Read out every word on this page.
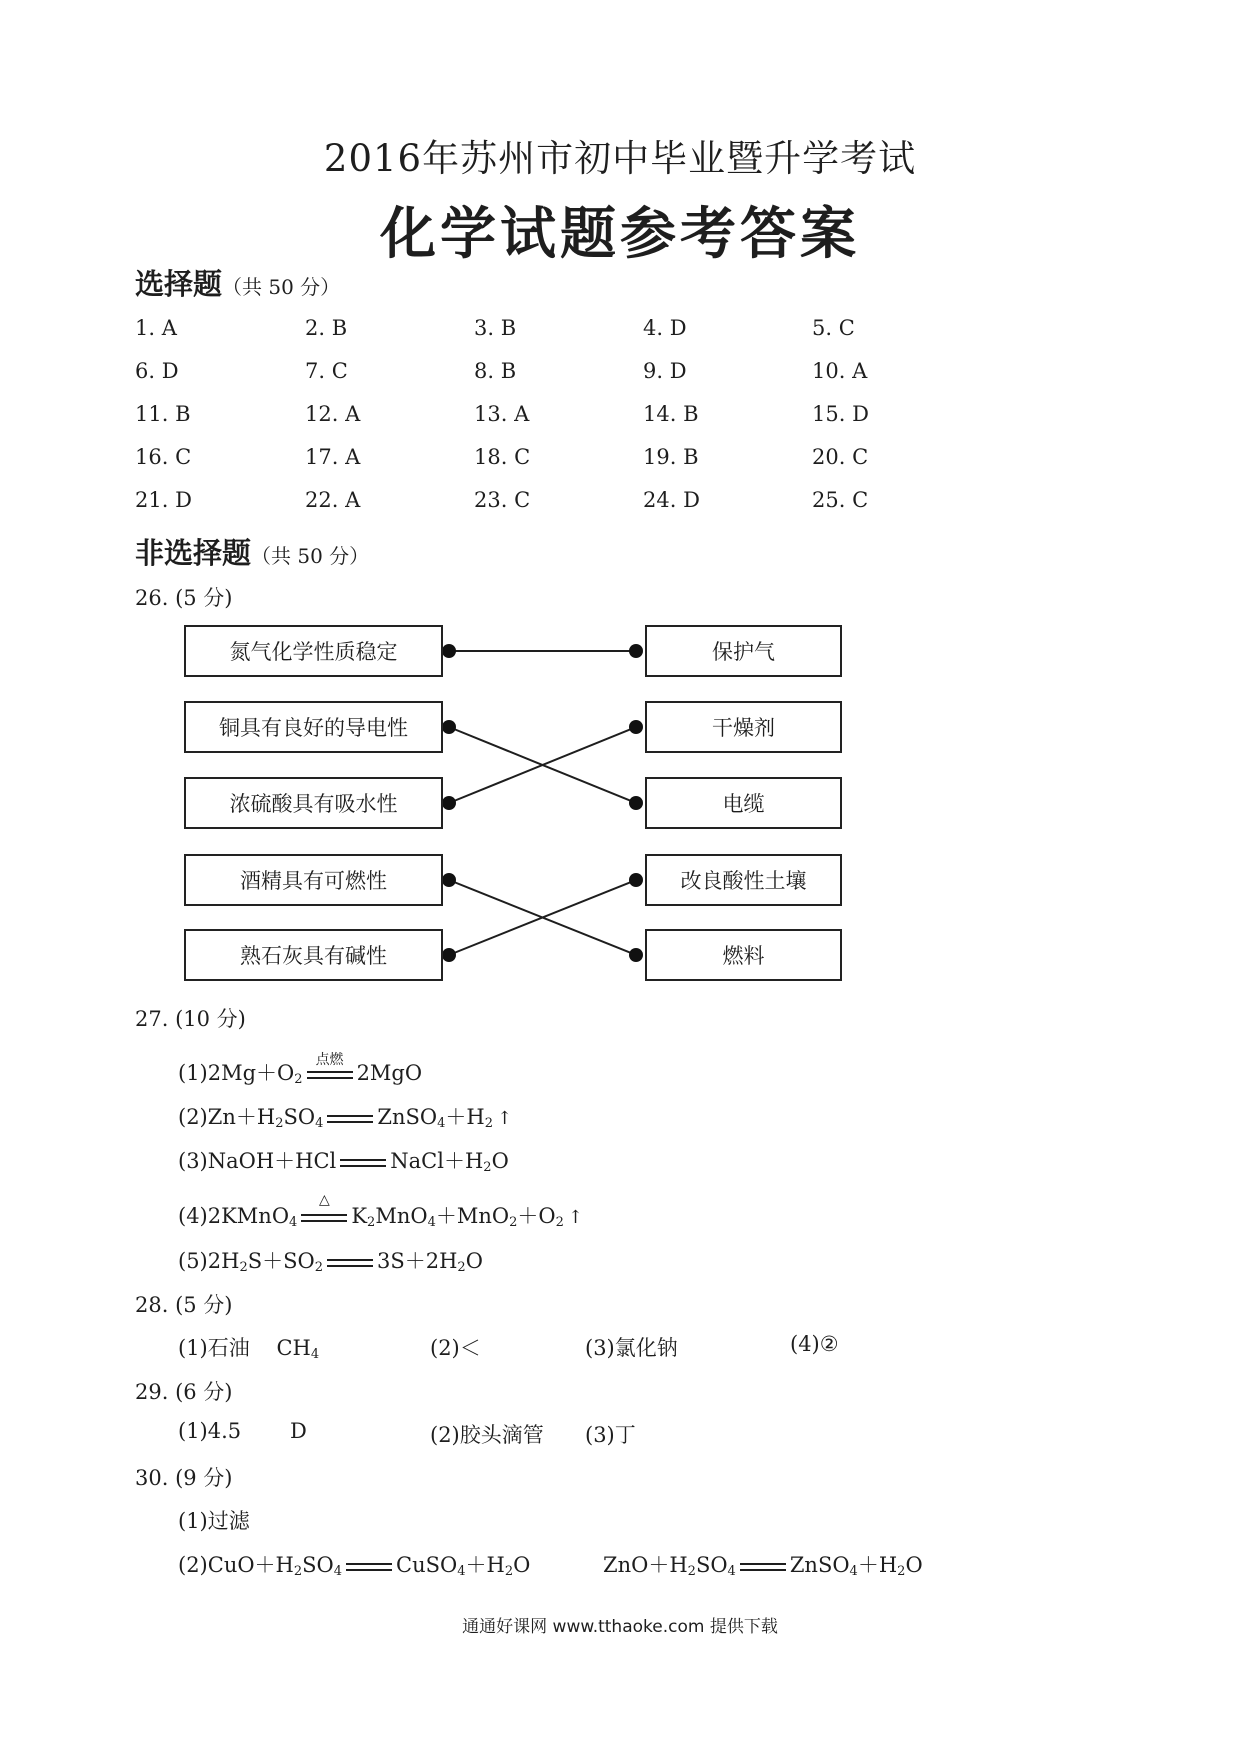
2016年苏州市初中毕业暨升学考试
化学试题参考答案
选择题（共 50 分）
1. A	2. B	3. B	4. D	5. C
6. D	7. C	8. B	9. D	10. A
11. B	12. A	13. A	14. B	15. D
16. C	17. A	18. C	19. B	20. C
21. D	22. A	23. C	24. D	25. C
非选择题（共 50 分）
26. (5 分)
氮气化学性质稳定
铜具有良好的导电性
浓硫酸具有吸水性
酒精具有可燃性
熟石灰具有碱性
保护气
干燥剂
电缆
改良酸性土壤
燃料
27. (10 分)
$(1)2Mg+O_2$
点燃
2MgO
$(2)Zn+H_2SO_4$	$ZnSO_4+H_2$ ↑
(3)NaOH＋HCl	$NaCl+H_2O$
(4)2KMnO$_4$
△
$K_2MnO_4+MnO_2+O_2$ ↑
$(5)2H_2S+SO_2$	$3S+2H_2O$
28. (5 分)
(1)石油 $CH_4$	(2)＜	(3)氯化钠	(4)②
29. (6 分)
(1)4.5 D	(2)胶头滴管 (3)丁
30. (9 分)
(1)过滤
$(2)CuO+H_2SO_4$	$CuSO_4+H_2O$	$ZnO+H_2SO_4$	$ZnSO_4+H_2O$
通通好课网 www.tthaoke.com 提供下载
